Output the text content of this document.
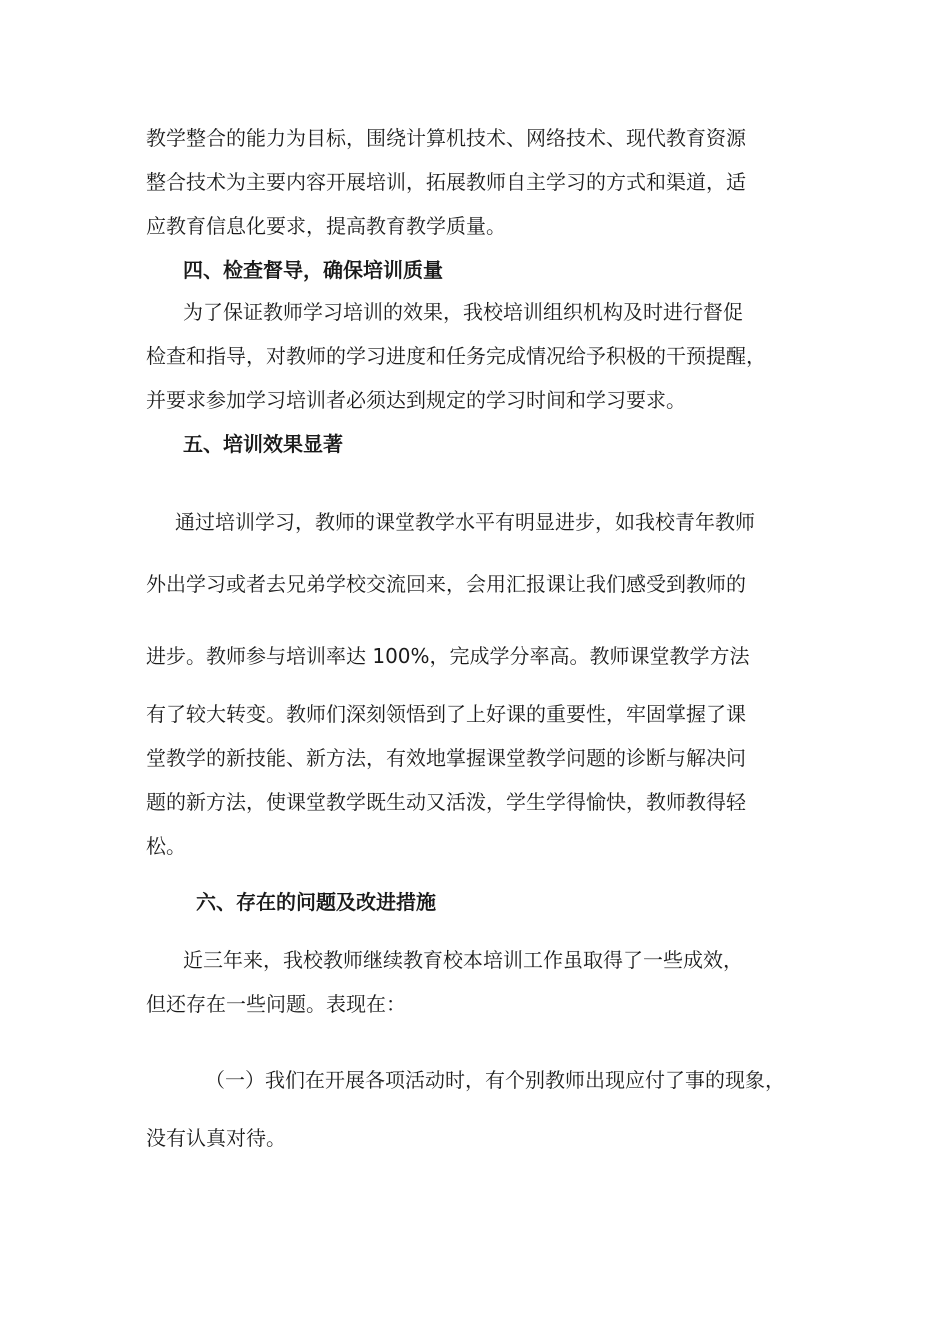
教学整合的能力为目标，围绕计算机技术、网络技术、现代教育资源
整合技术为主要内容开展培训，拓展教师自主学习的方式和渠道，适
应教育信息化要求，提高教育教学质量。
四、检查督导，确保培训质量
为了保证教师学习培训的效果，我校培训组织机构及时进行督促
检查和指导，对教师的学习进度和任务完成情况给予积极的干预提醒，
并要求参加学习培训者必须达到规定的学习时间和学习要求。
五、培训效果显著
通过培训学习，教师的课堂教学水平有明显进步，如我校青年教师
外出学习或者去兄弟学校交流回来，会用汇报课让我们感受到教师的
进步。教师参与培训率达 100%，完成学分率高。教师课堂教学方法
有了较大转变。教师们深刻领悟到了上好课的重要性，牢固掌握了课
堂教学的新技能、新方法，有效地掌握课堂教学问题的诊断与解决问
题的新方法，使课堂教学既生动又活泼，学生学得愉快，教师教得轻
松。
六、存在的问题及改进措施
近三年来，我校教师继续教育校本培训工作虽取得了一些成效，
但还存在一些问题。表现在：
（一）我们在开展各项活动时，有个别教师出现应付了事的现象，
没有认真对待。
